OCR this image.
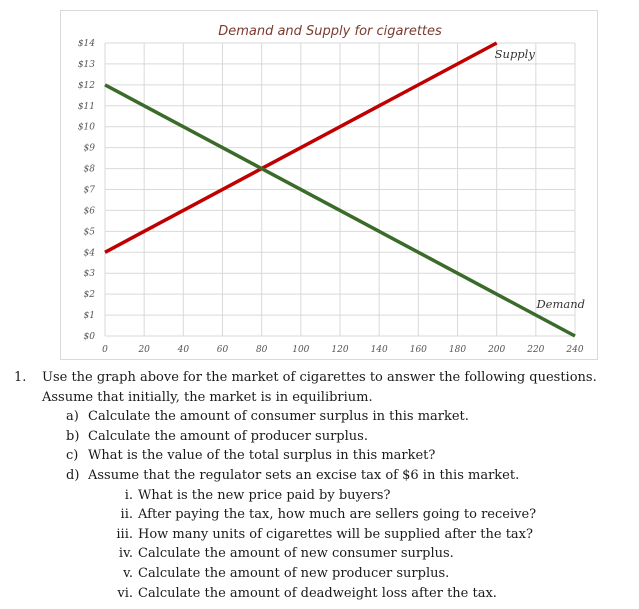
Demand and Supply for cigarettes
$0
$1
$2
$3
$4
$5
$6
$7
$8
$9
$10
$11
$12
$13
$14
0	20	40	60	80	100 120 140 160 180 200 220 240
Supply
Demand
1. Use the graph above for the market of cigarettes to answer the following questions. Assume that initially, the market is in equilibrium.
a) Calculate the amount of consumer surplus in this market.
b) Calculate the amount of producer surplus.
c) What is the value of the total surplus in this market?
d) Assume that the regulator sets an excise tax of $6 in this market.
i. What is the new price paid by buyers?
ii. After paying the tax, how much are sellers going to receive?
iii. How many units of cigarettes will be supplied after the tax?
iv. Calculate the amount of new consumer surplus.
v. Calculate the amount of new producer surplus.
vi. Calculate the amount of deadweight loss after the tax.
